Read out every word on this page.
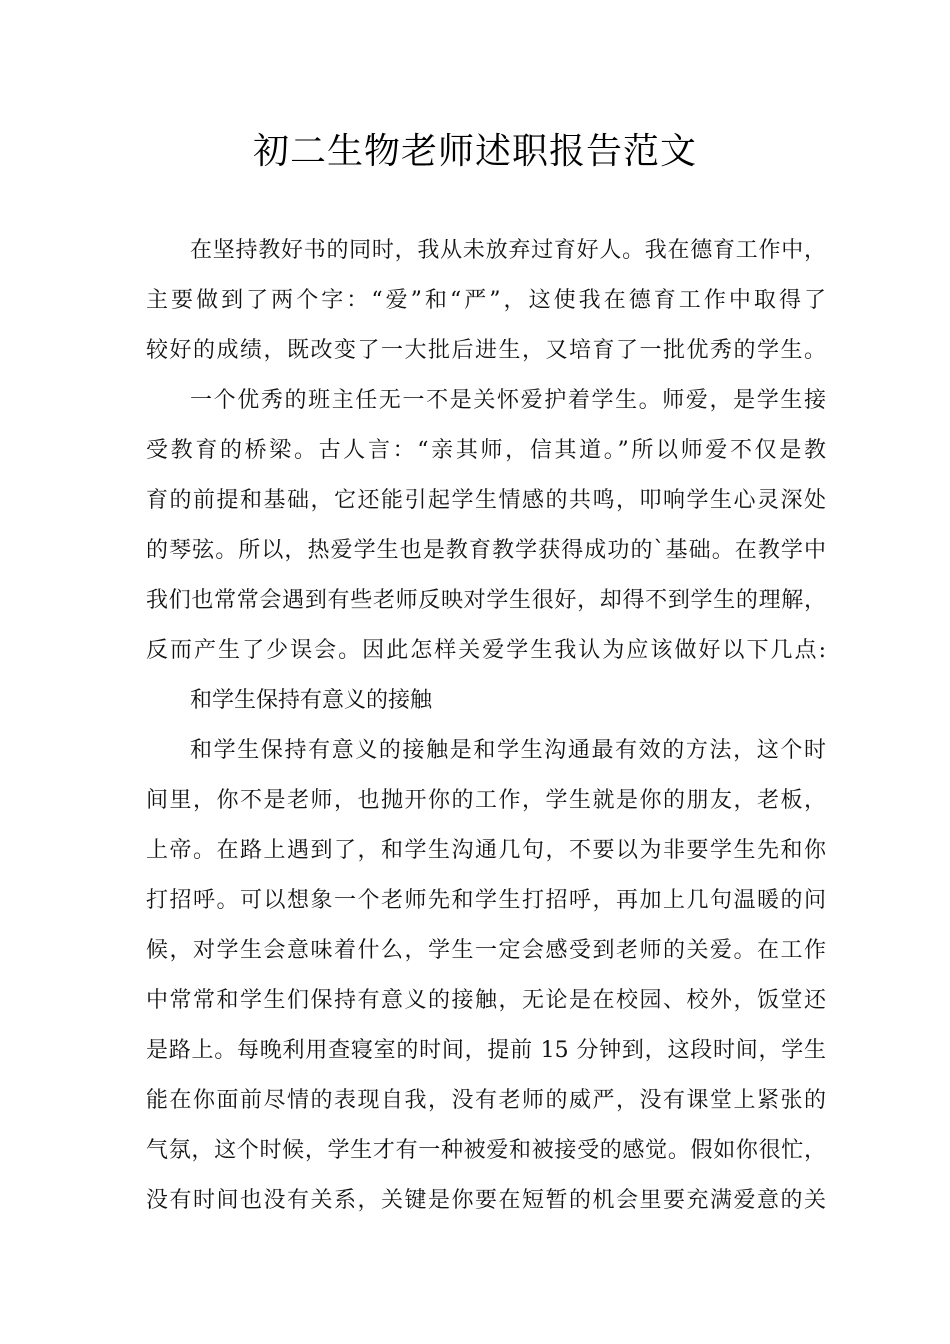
初二生物老师述职报告范文
在坚持教好书的同时，我从未放弃过育好人。我在德育工作中，
主要做到了两个字：“爱”和“严”，这使我在德育工作中取得了
较好的成绩，既改变了一大批后进生，又培育了一批优秀的学生。
一个优秀的班主任无一不是关怀爱护着学生。师爱，是学生接
受教育的桥梁。古人言：“亲其师，信其道。”所以师爱不仅是教
育的前提和基础，它还能引起学生情感的共鸣，叩响学生心灵深处
的琴弦。所以，热爱学生也是教育教学获得成功的`基础。在教学中
我们也常常会遇到有些老师反映对学生很好，却得不到学生的理解，
反而产生了少误会。因此怎样关爱学生我认为应该做好以下几点:
和学生保持有意义的接触
和学生保持有意义的接触是和学生沟通最有效的方法，这个时
间里，你不是老师，也抛开你的工作，学生就是你的朋友，老板，
上帝。在路上遇到了，和学生沟通几句，不要以为非要学生先和你
打招呼。可以想象一个老师先和学生打招呼，再加上几句温暖的问
候，对学生会意味着什么，学生一定会感受到老师的关爱。在工作
中常常和学生们保持有意义的接触，无论是在校园、校外，饭堂还
是路上。每晚利用查寝室的时间，提前 15 分钟到，这段时间，学生
能在你面前尽情的表现自我，没有老师的威严，没有课堂上紧张的
气氛，这个时候，学生才有一种被爱和被接受的感觉。假如你很忙，
没有时间也没有关系，关键是你要在短暂的机会里要充满爱意的关
